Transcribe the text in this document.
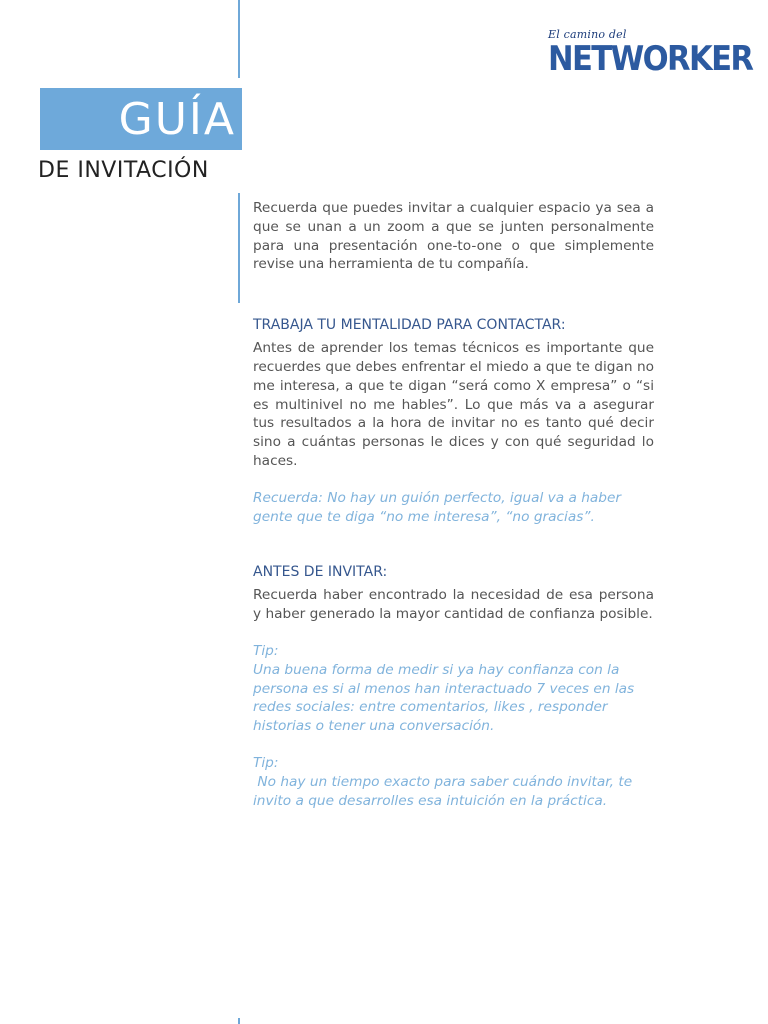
El camino del
NETWORKER
GUÍA
DE INVITACIÓN

Recuerda que puedes invitar a cualquier espacio ya sea a que se unan a un zoom a que se junten personalmente para una presentación one-to-one o que simplemente revise una herramienta de tu compañía.

TRABAJA TU MENTALIDAD PARA CONTACTAR:

Antes de aprender los temas técnicos es importante que recuerdes que debes enfrentar el miedo a que te digan no me interesa, a que te digan “será como X empresa” o “si es multinivel no me hables”. Lo que más va a asegurar tus resultados a la hora de invitar no es tanto qué decir sino a cuántas personas le dices y con qué seguridad lo haces.

Recuerda: No hay un guión perfecto, igual va a haber gente que te diga “no me interesa”, “no gracias”.

ANTES DE INVITAR:

Recuerda haber encontrado la necesidad de esa persona y haber generado la mayor cantidad de confianza posible.

Tip:

Una buena forma de medir si ya hay confianza con la persona es si al menos han interactuado 7 veces en las redes sociales: entre comentarios, likes , responder historias o tener una conversación.

Tip:

No hay un tiempo exacto para saber cuándo invitar, te invito a que desarrolles esa intuición en la práctica.
